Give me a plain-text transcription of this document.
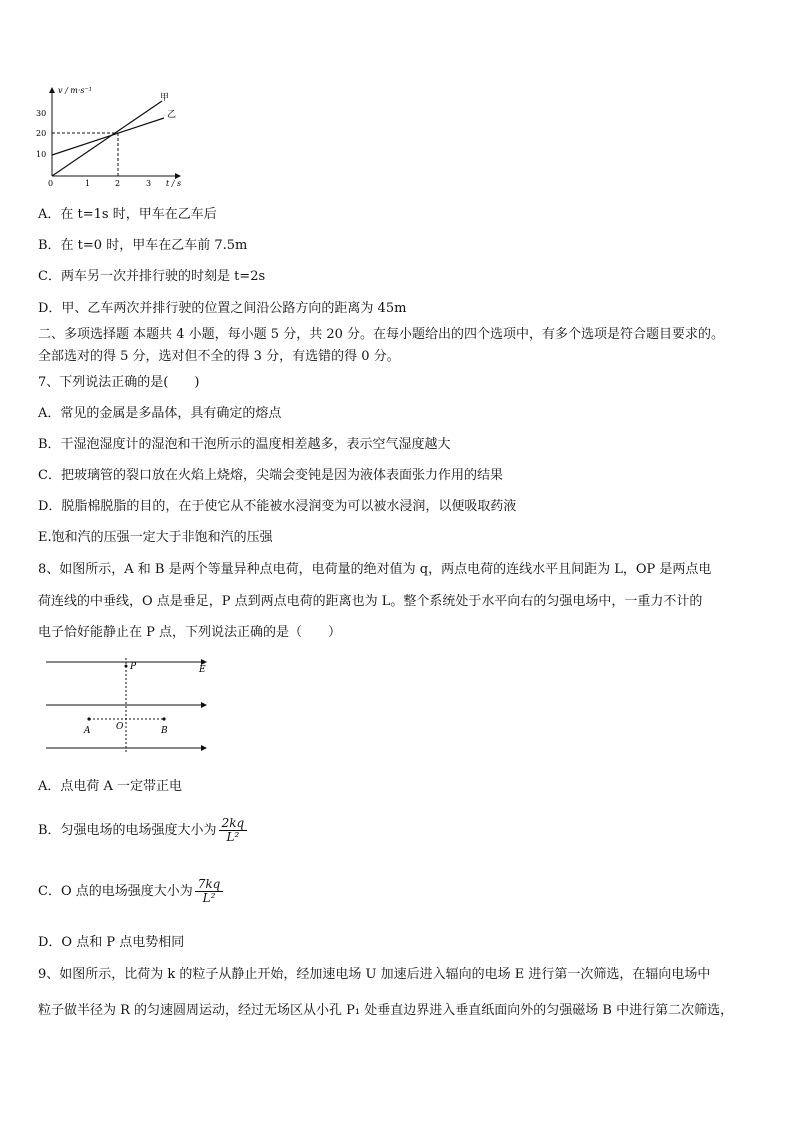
30
20
10
0	1	2	3
v / m·s⁻¹
t / s
甲
乙
A．在 t=1s 时，甲车在乙车后
B．在 t=0 时，甲车在乙车前 7.5m
C．两车另一次并排行驶的时刻是 t=2s
D．甲、乙车两次并排行驶的位置之间沿公路方向的距离为 45m
二、多项选择题 本题共 4 小题，每小题 5 分，共 20 分。在每小题给出的四个选项中，有多个选项是符合题目要求的。
全部选对的得 5 分，选对但不全的得 3 分，有选错的得 0 分。
7、下列说法正确的是(　　)
A．常见的金属是多晶体，具有确定的熔点
B．干湿泡湿度计的湿泡和干泡所示的温度相差越多，表示空气湿度越大
C．把玻璃管的裂口放在火焰上烧熔，尖端会变钝是因为液体表面张力作用的结果
D．脱脂棉脱脂的目的，在于使它从不能被水浸润变为可以被水浸润，以便吸取药液
E.饱和汽的压强一定大于非饱和汽的压强
8、如图所示，A 和 B 是两个等量异种点电荷，电荷量的绝对值为 q，两点电荷的连线水平且间距为 L，OP 是两点电
荷连线的中垂线，O 点是垂足，P 点到两点电荷的距离也为 L。整个系统处于水平向右的匀强电场中，一重力不计的
电子恰好能静止在 P 点，下列说法正确的是（　　）
P	E
A	O	B
A．点电荷 A 一定带正电
B．匀强电场的电场强度大小为 $\frac{2kq}{\text{L²}}$
C．O 点的电场强度大小为 $\frac{7kq}{\text{L²}}$
D．O 点和 P 点电势相同
9、如图所示，比荷为 k 的粒子从静止开始，经加速电场 U 加速后进入辐向的电场 E 进行第一次筛选，在辐向电场中
粒子做半径为 R 的匀速圆周运动，经过无场区从小孔 P₁ 处垂直边界进入垂直纸面向外的匀强磁场 B 中进行第二次筛选，
